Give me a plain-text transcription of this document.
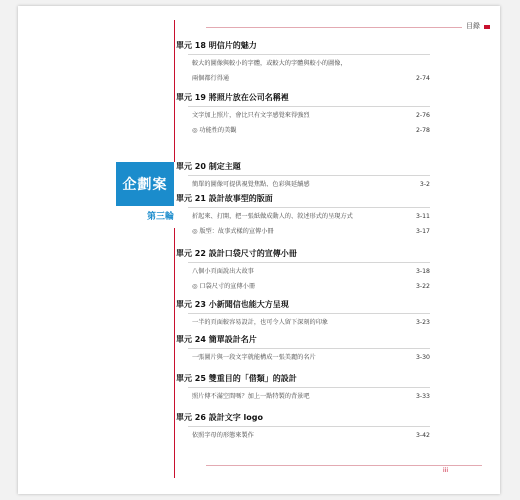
目錄
企劃案
第三輪
單元 18 明信片的魅力
較大的圖像與較小的字體，或較大的字體與較小的圖像，
兩個都行得通	2-74
單元 19 將照片放在公司名稱裡
文字加上照片，會比只有文字感覺來得強烈	2-76
◎ 功能性的美觀	2-78
單元 20 制定主題
簡單的圖像可提供視覺焦點、色彩與延續感	3-2
單元 21 設計故事型的版面
折起來、打開，把一張紙做成動人的、敘述形式的呈現方式	3-11
◎ 版型：故事式樣的宣傳小冊	3-17
單元 22 設計口袋尺寸的宣傳小冊
八個小頁面說出大故事	3-18
◎ 口袋尺寸的宣傳小冊	3-22
單元 23 小新聞信也能大方呈現
一半的頁面較容易設計，也可令人留下深刻的印象	3-23
單元 24 簡單設計名片
一張圖片與一段文字就能構成一張美麗的名片	3-30
單元 25 雙重目的「借類」的設計
照片傳不滿空間嗎？加上一點特製的背景吧	3-33
單元 26 設計文字 logo
依照字母的形態來製作	3-42
iii
